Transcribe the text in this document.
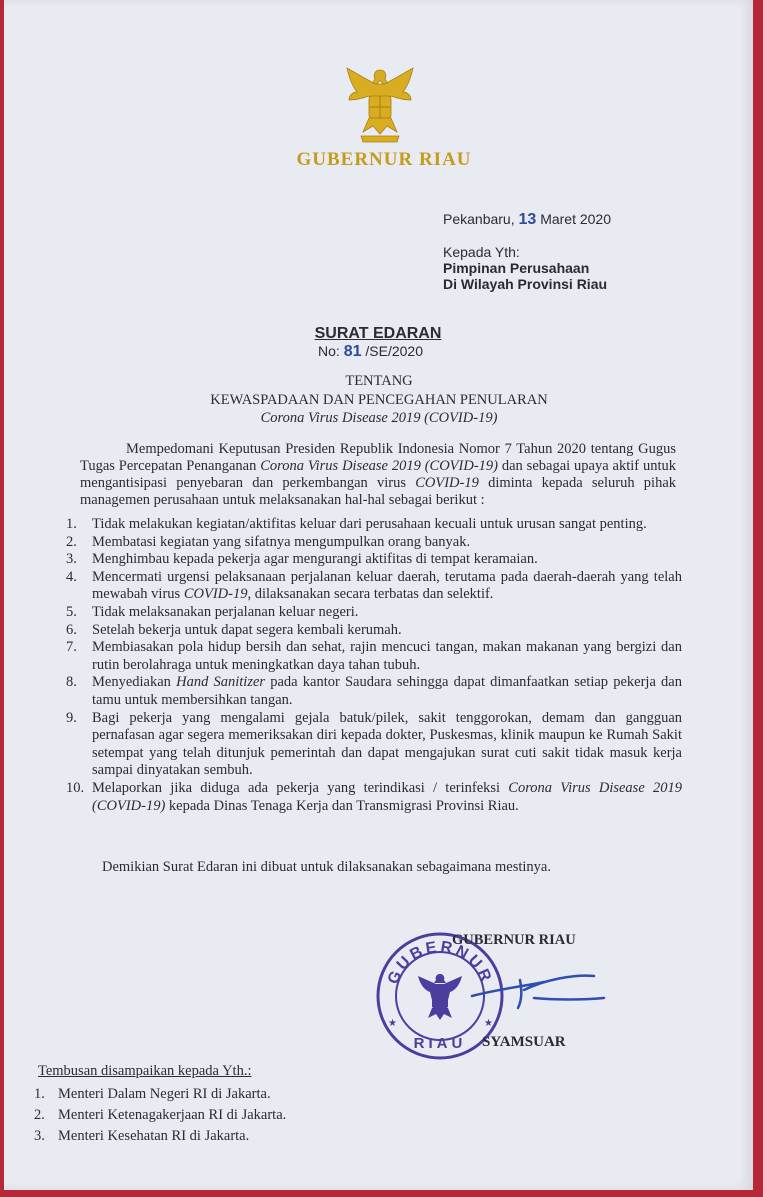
GUBERNUR RIAU
Pekanbaru, 13 Maret 2020
Kepada Yth:
Pimpinan Perusahaan
Di Wilayah Provinsi Riau
SURAT EDARAN
No: 81 /SE/2020
TENTANG
KEWASPADAAN DAN PENCEGAHAN PENULARAN
Corona Virus Disease 2019 (COVID-19)
Mempedomani Keputusan Presiden Republik Indonesia Nomor 7 Tahun 2020 tentang Gugus Tugas Percepatan Penanganan Corona Virus Disease 2019 (COVID-19) dan sebagai upaya aktif untuk mengantisipasi penyebaran dan perkembangan virus COVID-19 diminta kepada seluruh pihak managemen perusahaan untuk melaksanakan hal-hal sebagai berikut :
1. Tidak melakukan kegiatan/aktifitas keluar dari perusahaan kecuali untuk urusan sangat penting.
2. Membatasi kegiatan yang sifatnya mengumpulkan orang banyak.
3. Menghimbau kepada pekerja agar mengurangi aktifitas di tempat keramaian.
4. Mencermati urgensi pelaksanaan perjalanan keluar daerah, terutama pada daerah-daerah yang telah mewabah virus COVID-19, dilaksanakan secara terbatas dan selektif.
5. Tidak melaksanakan perjalanan keluar negeri.
6. Setelah bekerja untuk dapat segera kembali kerumah.
7. Membiasakan pola hidup bersih dan sehat, rajin mencuci tangan, makan makanan yang bergizi dan rutin berolahraga untuk meningkatkan daya tahan tubuh.
8. Menyediakan Hand Sanitizer pada kantor Saudara sehingga dapat dimanfaatkan setiap pekerja dan tamu untuk membersihkan tangan.
9. Bagi pekerja yang mengalami gejala batuk/pilek, sakit tenggorokan, demam dan gangguan pernafasan agar segera memeriksakan diri kepada dokter, Puskesmas, klinik maupun ke Rumah Sakit setempat yang telah ditunjuk pemerintah dan dapat mengajukan surat cuti sakit tidak masuk kerja sampai dinyatakan sembuh.
10. Melaporkan jika diduga ada pekerja yang terindikasi / terinfeksi Corona Virus Disease 2019 (COVID-19) kepada Dinas Tenaga Kerja dan Transmigrasi Provinsi Riau.
Demikian Surat Edaran ini dibuat untuk dilaksanakan sebagaimana mestinya.
GUBERNUR
RIAU
★	★
GUBERNUR RIAU
SYAMSUAR
Tembusan disampaikan kepada Yth.:
1. Menteri Dalam Negeri RI di Jakarta.
2. Menteri Ketenagakerjaan RI di Jakarta.
3. Menteri Kesehatan RI di Jakarta.
